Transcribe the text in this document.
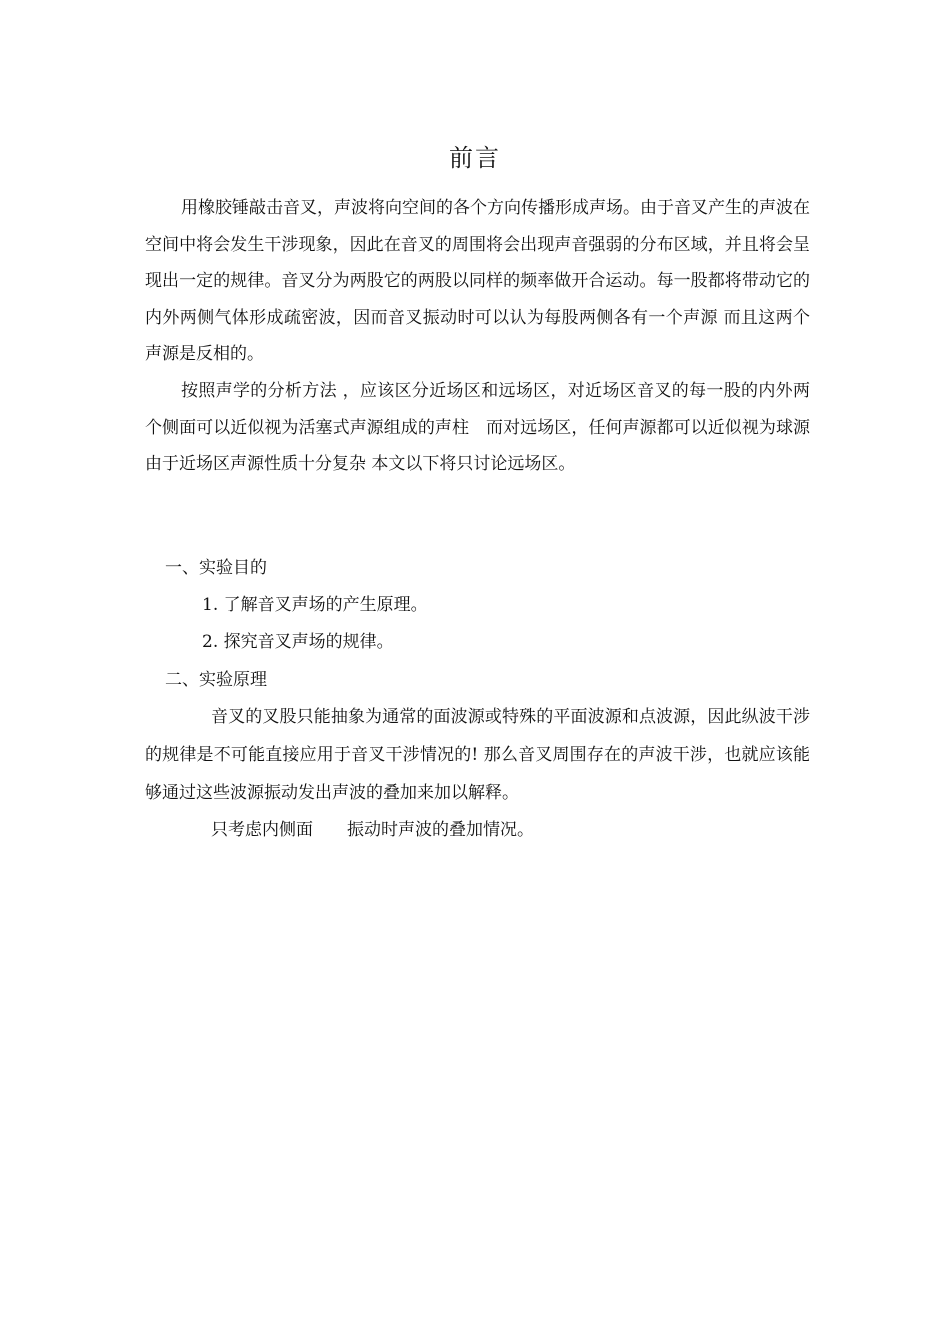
前言

用橡胶锤敲击音叉，声波将向空间的各个方向传播形成声场。由于音叉产生的声波在空间中将会发生干涉现象，因此在音叉的周围将会出现声音强弱的分布区域，并且将会呈现出一定的规律。音叉分为两股它的两股以同样的频率做开合运动。每一股都将带动它的内外两侧气体形成疏密波，因而音叉振动时可以认为每股两侧各有一个声源 而且这两个声源是反相的。

按照声学的分析方法 ，应该区分近场区和远场区，对近场区音叉的每一股的内外两个侧面可以近似视为活塞式声源组成的声柱　而对远场区，任何声源都可以近似视为球源由于近场区声源性质十分复杂 本文以下将只讨论远场区。

一、实验目的

1. 了解音叉声场的产生原理。

2. 探究音叉声场的规律。

二、实验原理

音叉的叉股只能抽象为通常的面波源或特殊的平面波源和点波源，因此纵波干涉的规律是不可能直接应用于音叉干涉情况的! 那么音叉周围存在的声波干涉，也就应该能够通过这些波源振动发出声波的叠加来加以解释。

只考虑内侧面　　振动时声波的叠加情况。
